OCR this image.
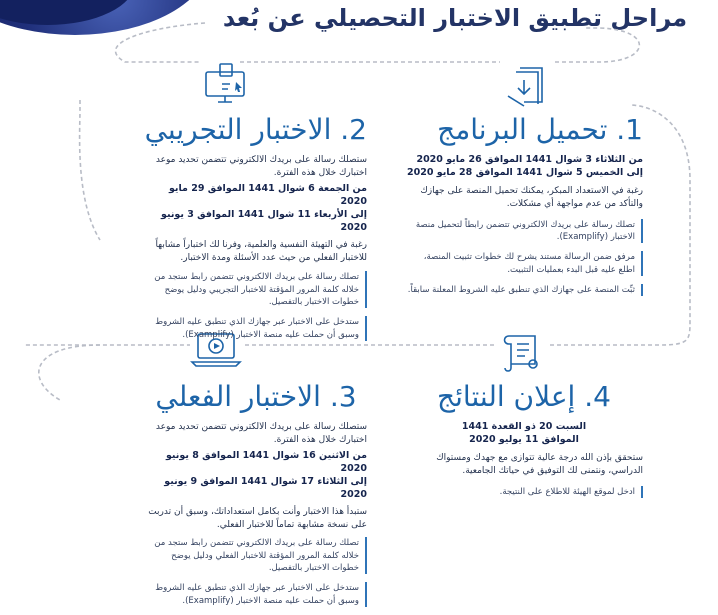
مراحل تطبيق الاختبار التحصيلي عن بُعد
1. تحميل البرنامج
من الثلاثاء 3 شوال 1441 الموافق 26 مايو 2020
إلى الخميس 5 شوال 1441 الموافق 28 مايو 2020

رغبة في الاستعداد المبكر، يمكنك تحميل المنصة على جهازك والتأكد من عدم مواجهة أي مشكلات.

تصلك رسالة على بريدك الالكتروني تتضمن رابطاً لتحميل منصة الاختبار (Examplify).

مرفق ضمن الرسالة مستند يشرح لك خطوات تثبيت المنصة، اطلع عليه قبل البدء بعمليات التثبيت.

ثبِّت المنصة على جهازك الذي تنطبق عليه الشروط المعلنة سابقاً.

2. الاختبار التجريبي

ستصلك رسالة على بريدك الالكتروني تتضمن تحديد موعد اختبارك خلال هذه الفترة.

من الجمعة 6 شوال 1441 الموافق 29 مايو 2020
إلى الأربعاء 11 شوال 1441 الموافق 3 يونيو 2020

رغبة في التهيئة النفسية والعلمية، وفرنا لك اختباراً مشابهاً للاختبار الفعلي من حيث عدد الأسئلة ومدة الاختبار.

تصلك رسالة على بريدك الالكتروني تتضمن رابط ستجد من خلاله كلمة المرور المؤقتة للاختبار التجريبي ودليل يوضح خطوات الاختبار بالتفصيل.

ستدخل على الاختبار عبر جهازك الذي تنطبق عليه الشروط وسبق أن حملت عليه منصة الاختبار (Examplify).

4. إعلان النتائج
السبت 20 ذو القعدة 1441
الموافق 11 يوليو 2020

ستحقق بإذن الله درجة عالية تتوازى مع جهدك ومستواك الدراسي، ونتمنى لك التوفيق في حياتك الجامعية.

ادخل لموقع الهيئة للاطلاع على النتيجة.

3. الاختبار الفعلي

ستصلك رسالة على بريدك الالكتروني تتضمن تحديد موعد اختبارك خلال هذه الفترة.

من الاثنين 16 شوال 1441 الموافق 8 يونيو 2020
إلى الثلاثاء 17 شوال 1441 الموافق 9 يونيو 2020

ستبدأ هذا الاختبار وأنت بكامل استعداداتك، وسبق أن تدربت على نسخة مشابهة تماماً للاختبار الفعلي.

تصلك رسالة على بريدك الالكتروني تتضمن رابط ستجد من خلاله كلمة المرور المؤقتة للاختبار الفعلي ودليل يوضح خطوات الاختبار بالتفصيل.

ستدخل على الاختبار عبر جهازك الذي تنطبق عليه الشروط وسبق أن حملت عليه منصة الاختبار (Examplify).
